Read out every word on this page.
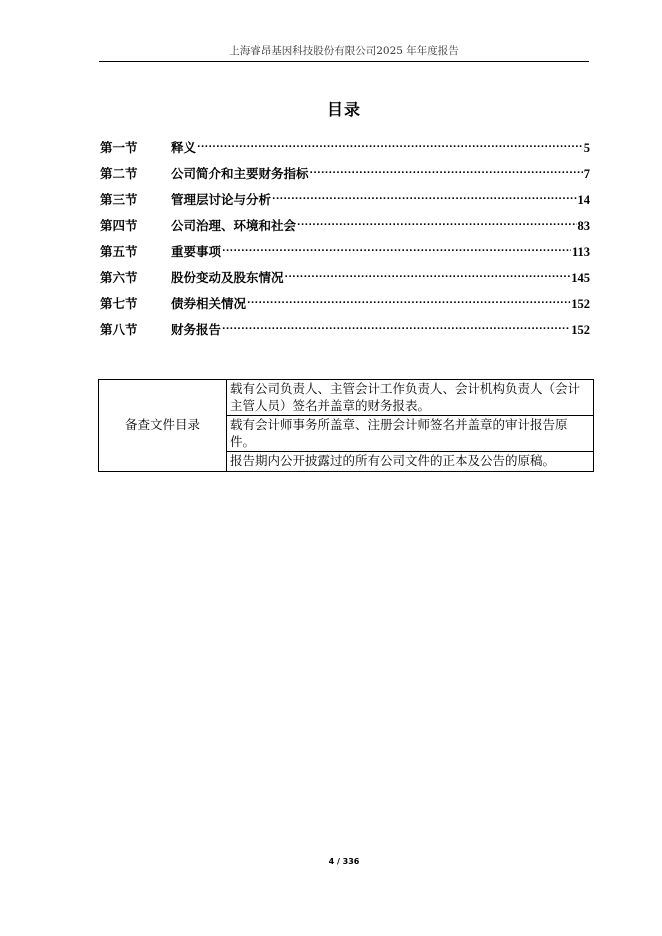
上海睿昂基因科技股份有限公司2025 年年度报告
目录
第一节	释义 .....	5
第二节	公司简介和主要财务指标 .....	7
第三节	管理层讨论与分析 .....	14
第四节	公司治理、环境和社会 .....	83
第五节	重要事项 .....	113
第六节	股份变动及股东情况 .....	145
第七节	债券相关情况 .....	152
第八节	财务报告 .....	152
备查文件目录	载有公司负责人、主管会计工作负责人、会计机构负责人（会计主管人员）签名并盖章的财务报表。
载有会计师事务所盖章、注册会计师签名并盖章的审计报告原件。
报告期内公开披露过的所有公司文件的正本及公告的原稿。
4 / 336
